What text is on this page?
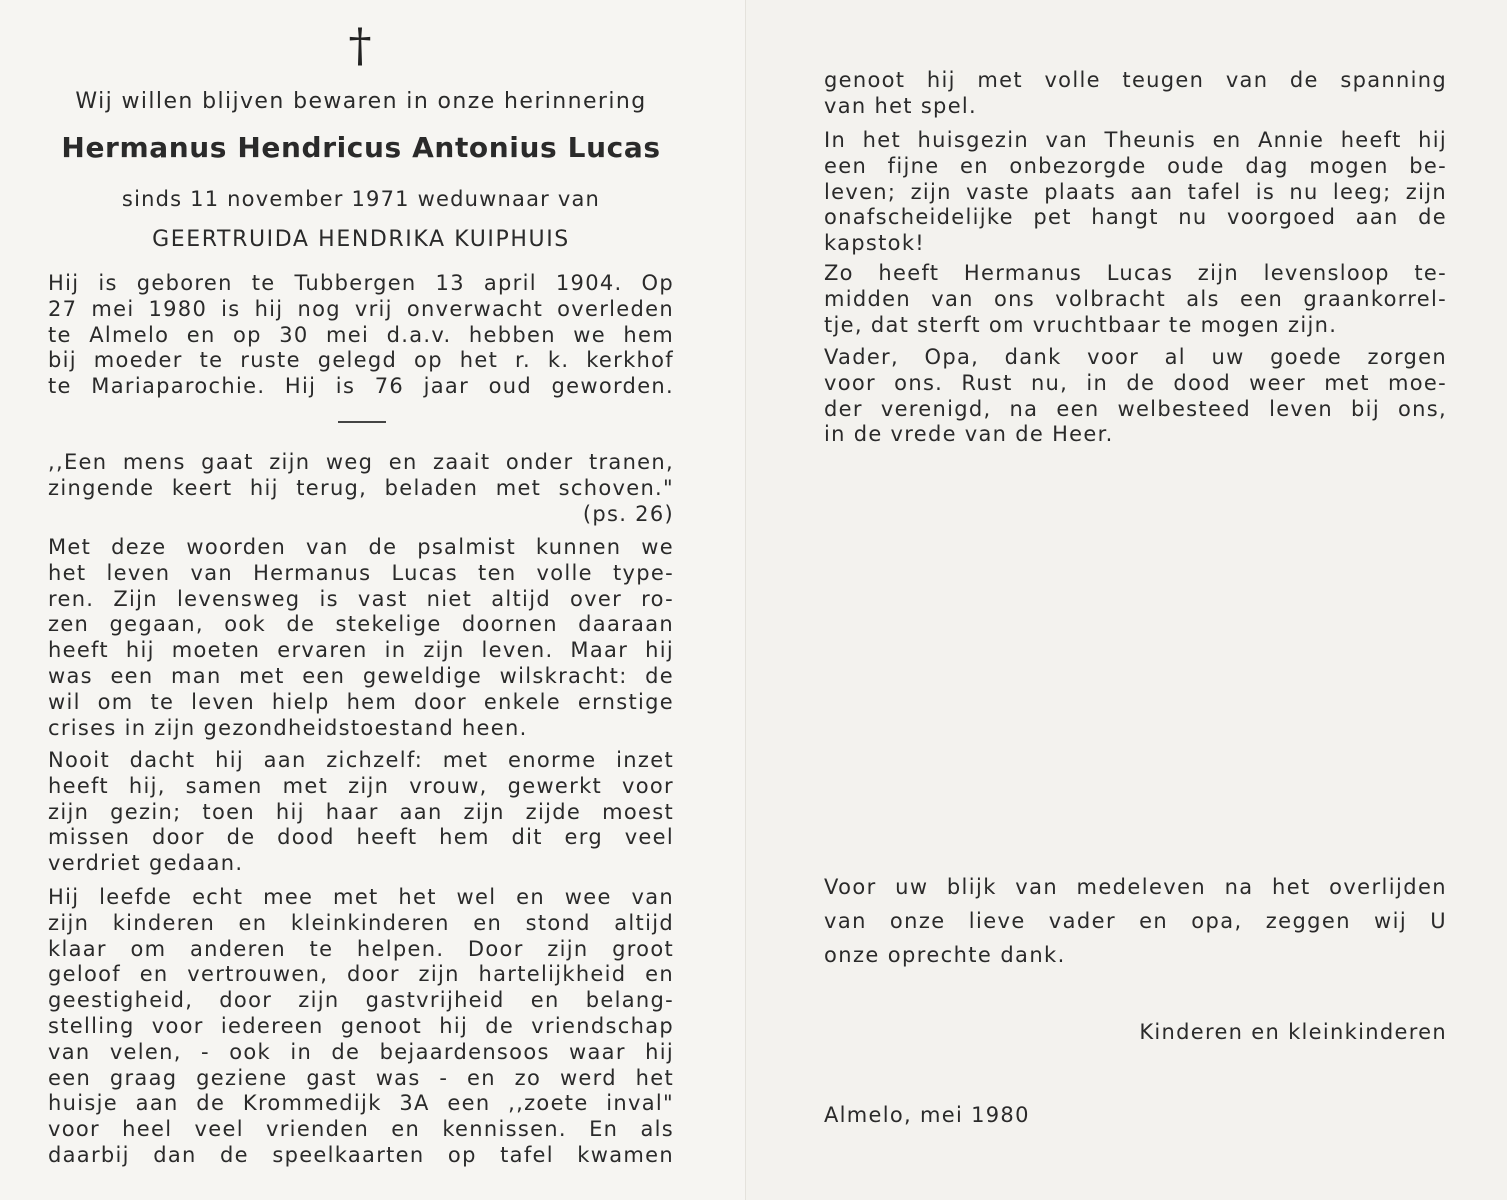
†
Wij willen blijven bewaren in onze herinnering
Hermanus Hendricus Antonius Lucas
sinds 11 november 1971 weduwnaar van
GEERTRUIDA HENDRIKA KUIPHUIS
Hij is geboren te Tubbergen 13 april 1904. Op
27 mei 1980 is hij nog vrij onverwacht overleden
te Almelo en op 30 mei d.a.v. hebben we hem
bij moeder te ruste gelegd op het r. k. kerkhof
te Mariaparochie. Hij is 76 jaar oud geworden.
,,Een mens gaat zijn weg en zaait onder tranen,
zingende keert hij terug, beladen met schoven."
(ps. 26)
Met deze woorden van de psalmist kunnen we
het leven van Hermanus Lucas ten volle type-
ren. Zijn levensweg is vast niet altijd over ro-
zen gegaan, ook de stekelige doornen daaraan
heeft hij moeten ervaren in zijn leven. Maar hij
was een man met een geweldige wilskracht: de
wil om te leven hielp hem door enkele ernstige
crises in zijn gezondheidstoestand heen.
Nooit dacht hij aan zichzelf: met enorme inzet
heeft hij, samen met zijn vrouw, gewerkt voor
zijn gezin; toen hij haar aan zijn zijde moest
missen door de dood heeft hem dit erg veel
verdriet gedaan.
Hij leefde echt mee met het wel en wee van
zijn kinderen en kleinkinderen en stond altijd
klaar om anderen te helpen. Door zijn groot
geloof en vertrouwen, door zijn hartelijkheid en
geestigheid, door zijn gastvrijheid en belang-
stelling voor iedereen genoot hij de vriendschap
van velen, - ook in de bejaardensoos waar hij
een graag geziene gast was - en zo werd het
huisje aan de Krommedijk 3A een ,,zoete inval"
voor heel veel vrienden en kennissen. En als
daarbij dan de speelkaarten op tafel kwamen
genoot hij met volle teugen van de spanning
van het spel.
In het huisgezin van Theunis en Annie heeft hij
een fijne en onbezorgde oude dag mogen be-
leven; zijn vaste plaats aan tafel is nu leeg; zijn
onafscheidelijke pet hangt nu voorgoed aan de
kapstok!
Zo heeft Hermanus Lucas zijn levensloop te-
midden van ons volbracht als een graankorrel-
tje, dat sterft om vruchtbaar te mogen zijn.
Vader, Opa, dank voor al uw goede zorgen
voor ons. Rust nu, in de dood weer met moe-
der verenigd, na een welbesteed leven bij ons,
in de vrede van de Heer.
Voor uw blijk van medeleven na het overlijden
van onze lieve vader en opa, zeggen wij U
onze oprechte dank.
Kinderen en kleinkinderen
Almelo, mei 1980
